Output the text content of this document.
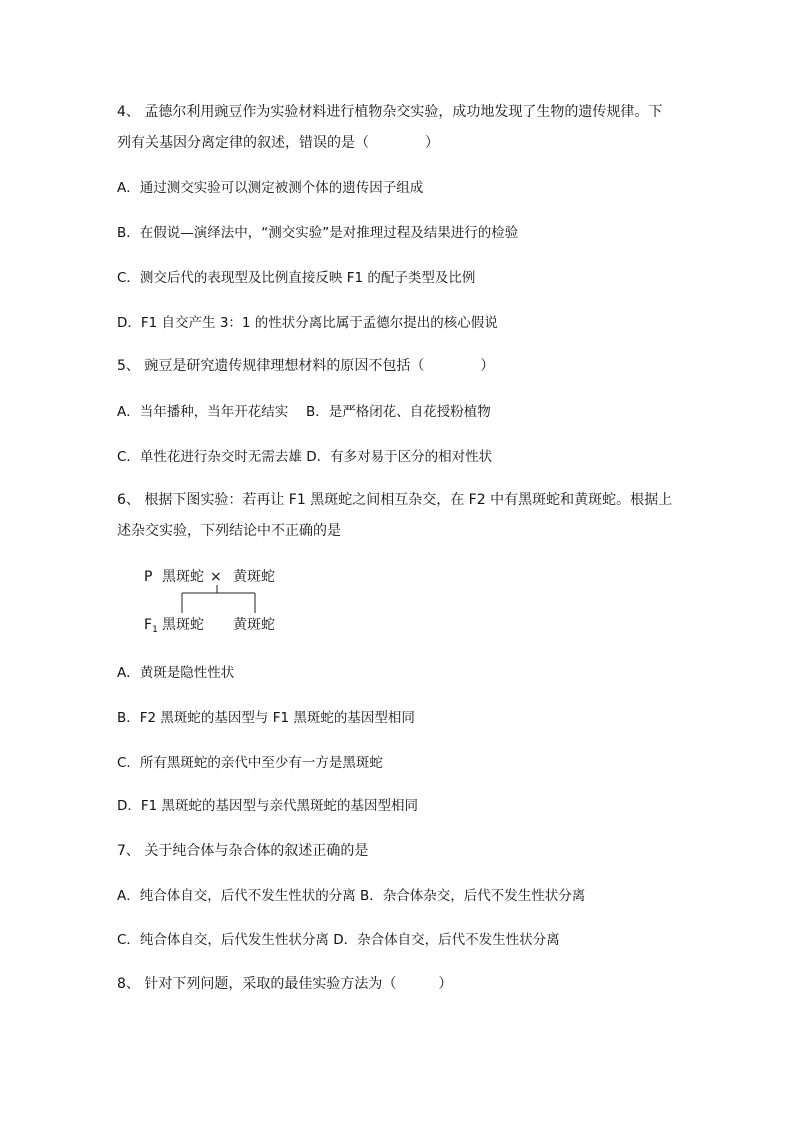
4、 孟德尔利用豌豆作为实验材料进行植物杂交实验，成功地发现了生物的遗传规律。下
列有关基因分离定律的叙述，错误的是（　　　　）
A．通过测交实验可以测定被测个体的遗传因子组成
B．在假说—演绎法中，“测交实验”是对推理过程及结果进行的检验
C．测交后代的表现型及比例直接反映 F1 的配子类型及比例
D．F1 自交产生 3：1 的性状分离比属于孟德尔提出的核心假说
5、 豌豆是研究遗传规律理想材料的原因不包括（　　　　）
A．当年播种，当年开花结实　 B．是严格闭花、自花授粉植物
C．单性花进行杂交时无需去雄 D．有多对易于区分的相对性状
6、 根据下图实验：若再让 F1 黑斑蛇之间相互杂交，在 F2 中有黑斑蛇和黄斑蛇。根据上
述杂交实验，下列结论中不正确的是
P 黑斑蛇 × 黄斑蛇
$F_1$ 黑斑蛇 黄斑蛇
A．黄斑是隐性性状
B．F2 黑斑蛇的基因型与 F1 黑斑蛇的基因型相同
C．所有黑斑蛇的亲代中至少有一方是黑斑蛇
D．F1 黑斑蛇的基因型与亲代黑斑蛇的基因型相同
7、 关于纯合体与杂合体的叙述正确的是
A．纯合体自交，后代不发生性状的分离 B．杂合体杂交，后代不发生性状分离
C．纯合体自交，后代发生性状分离 D．杂合体自交，后代不发生性状分离
8、 针对下列问题，采取的最佳实验方法为（　　　）
